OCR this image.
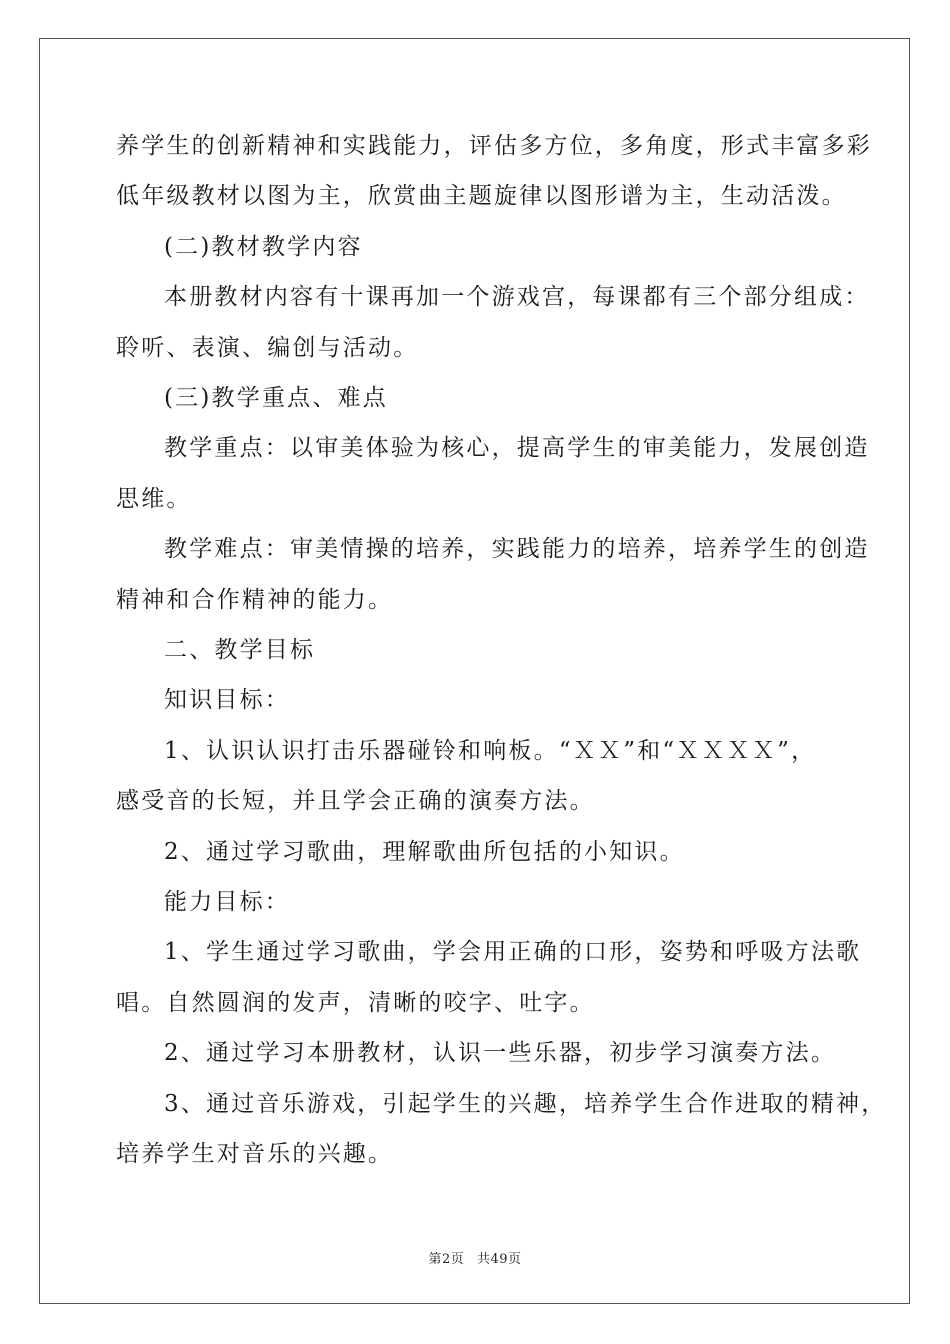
养学生的创新精神和实践能力，评估多方位，多角度，形式丰富多彩
低年级教材以图为主，欣赏曲主题旋律以图形谱为主，生动活泼。
(二)教材教学内容
本册教材内容有十课再加一个游戏宫，每课都有三个部分组成：
聆听、表演、编创与活动。
(三)教学重点、难点
教学重点：以审美体验为核心，提高学生的审美能力，发展创造
思维。
教学难点：审美情操的培养，实践能力的培养，培养学生的创造
精神和合作精神的能力。
二、教学目标
知识目标：
1、认识认识打击乐器碰铃和响板。“ＸＸ”和“ＸＸＸＸ”，
感受音的长短，并且学会正确的演奏方法。
2、通过学习歌曲，理解歌曲所包括的小知识。
能力目标：
1、学生通过学习歌曲，学会用正确的口形，姿势和呼吸方法歌
唱。自然圆润的发声，清晰的咬字、吐字。
2、通过学习本册教材，认识一些乐器，初步学习演奏方法。
3、通过音乐游戏，引起学生的兴趣，培养学生合作进取的精神，
培养学生对音乐的兴趣。
第2页 共49页
